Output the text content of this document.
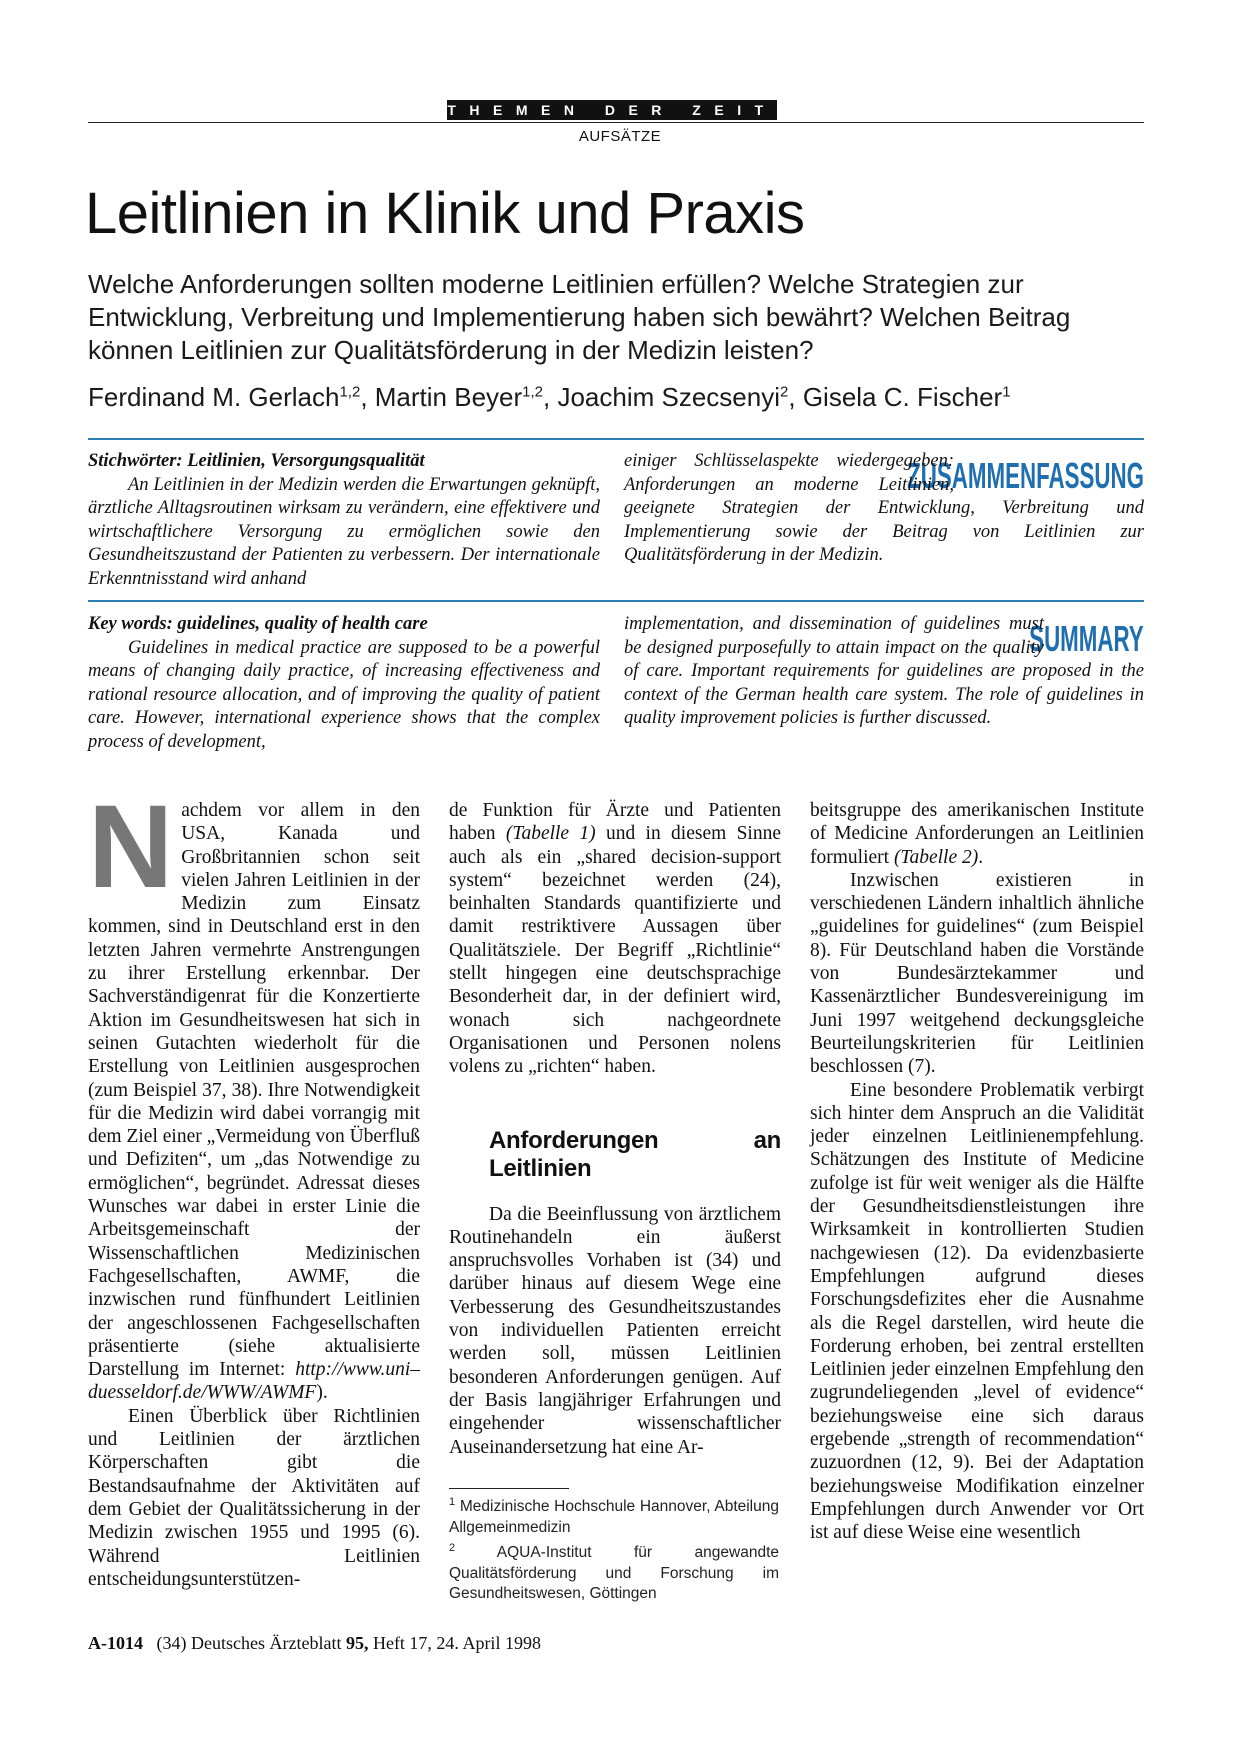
THEMEN DER ZEIT
AUFSÄTZE
Leitlinien in Klinik und Praxis
Welche Anforderungen sollten moderne Leitlinien erfüllen? Welche Strategien zur Entwicklung, Verbreitung und Implementierung haben sich bewährt? Welchen Beitrag können Leitlinien zur Qualitätsförderung in der Medizin leisten?
Ferdinand M. Gerlach$^{1,2}$, Martin Beyer$^{1,2}$, Joachim Szecsenyi$^2$, Gisela C. Fischer$^1$
Stichwörter: Leitlinien, Versorgungsqualität

An Leitlinien in der Medizin werden die Erwartungen geknüpft, ärztliche Alltagsroutinen wirksam zu verändern, eine effektivere und wirtschaftlichere Versorgung zu ermöglichen sowie den Gesundheitszustand der Patienten zu verbessern. Der internationale Erkenntnisstand wird anhand

ZUSAMMENFASSUNG
einiger Schlüsselaspekte wiedergegeben: Anforderungen an moderne Leitlinien, geeignete Strategien der Entwicklung, Verbreitung und Implementierung sowie der Beitrag von Leitlinien zur Qualitätsförderung in der Medizin.
Key words: guidelines, quality of health care

Guidelines in medical practice are supposed to be a powerful means of changing daily practice, of increasing effectiveness and rational resource allocation, and of improving the quality of patient care. However, international experience shows that the complex process of development,

SUMMARY
implementation, and dissemination of guidelines must be designed purposefully to attain impact on the quality of care. Important requirements for guidelines are proposed in the context of the German health care system. The role of guidelines in quality improvement policies is further discussed.

N achdem vor allem in den USA, Kanada und Großbritannien schon seit vielen Jahren Leitlinien in der Medizin zum Einsatz kommen, sind in Deutschland erst in den letzten Jahren vermehrte Anstrengungen zu ihrer Erstellung erkennbar. Der Sachverständigenrat für die Konzertierte Aktion im Gesundheitswesen hat sich in seinen Gutachten wiederholt für die Erstellung von Leitlinien ausgesprochen (zum Beispiel 37, 38). Ihre Notwendigkeit für die Medizin wird dabei vorrangig mit dem Ziel einer „Vermeidung von Überfluß und Defiziten“, um „das Notwendige zu ermöglichen“, begründet. Adressat dieses Wunsches war dabei in erster Linie die Arbeitsgemeinschaft der Wissenschaftlichen Medizinischen Fachgesellschaften, AWMF, die inzwischen rund fünfhundert Leitlinien der angeschlossenen Fachgesellschaften präsentierte (siehe aktualisierte Darstellung im Internet: http://www.uni–duesseldorf.de/WWW/AWMF).

Einen Überblick über Richtlinien und Leitlinien der ärztlichen Körperschaften gibt die Bestandsaufnahme der Aktivitäten auf dem Gebiet der Qualitätssicherung in der Medizin zwischen 1955 und 1995 (6). Während Leitlinien entscheidungsunterstützen-

de Funktion für Ärzte und Patienten haben (Tabelle 1) und in diesem Sinne auch als ein „shared decision-support system“ bezeichnet werden (24), beinhalten Standards quantifizierte und damit restriktivere Aussagen über Qualitätsziele. Der Begriff „Richtlinie“ stellt hingegen eine deutschsprachige Besonderheit dar, in der definiert wird, wonach sich nachgeordnete Organisationen und Personen nolens volens zu „richten“ haben.

Anforderungen an Leitlinien

Da die Beeinflussung von ärztlichem Routinehandeln ein äußerst anspruchsvolles Vorhaben ist (34) und darüber hinaus auf diesem Wege eine Verbesserung des Gesundheitszustandes von individuellen Patienten erreicht werden soll, müssen Leitlinien besonderen Anforderungen genügen. Auf der Basis langjähriger Erfahrungen und eingehender wissenschaftlicher Auseinandersetzung hat eine Ar-

$^1$ Medizinische Hochschule Hannover, Abteilung Allgemeinmedizin
$^2$	AQUA-Institut für angewandte Qualitätsförderung und Forschung im Gesundheitswesen, Göttingen

beitsgruppe des amerikanischen Institute of Medicine Anforderungen an Leitlinien formuliert (Tabelle 2).

Inzwischen existieren in verschiedenen Ländern inhaltlich ähnliche „guidelines for guidelines“ (zum Beispiel 8). Für Deutschland haben die Vorstände von Bundesärztekammer und Kassenärztlicher Bundesvereinigung im Juni 1997 weitgehend deckungsgleiche Beurteilungskriterien für Leitlinien beschlossen (7).

Eine besondere Problematik verbirgt sich hinter dem Anspruch an die Validität jeder einzelnen Leitlinienempfehlung. Schätzungen des Institute of Medicine zufolge ist für weit weniger als die Hälfte der Gesundheitsdienstleistungen ihre Wirksamkeit in kontrollierten Studien nachgewiesen (12). Da evidenzbasierte Empfehlungen aufgrund dieses Forschungsdefizites eher die Ausnahme als die Regel darstellen, wird heute die Forderung erhoben, bei zentral erstellten Leitlinien jeder einzelnen Empfehlung den zugrundeliegenden „level of evidence“ beziehungsweise eine sich daraus ergebende „strength of recommendation“ zuzuordnen (12, 9). Bei der Adaptation beziehungsweise Modifikation einzelner Empfehlungen durch Anwender vor Ort ist auf diese Weise eine wesentlich

A-1014 (34) Deutsches Ärzteblatt 95, Heft 17, 24. April 1998
